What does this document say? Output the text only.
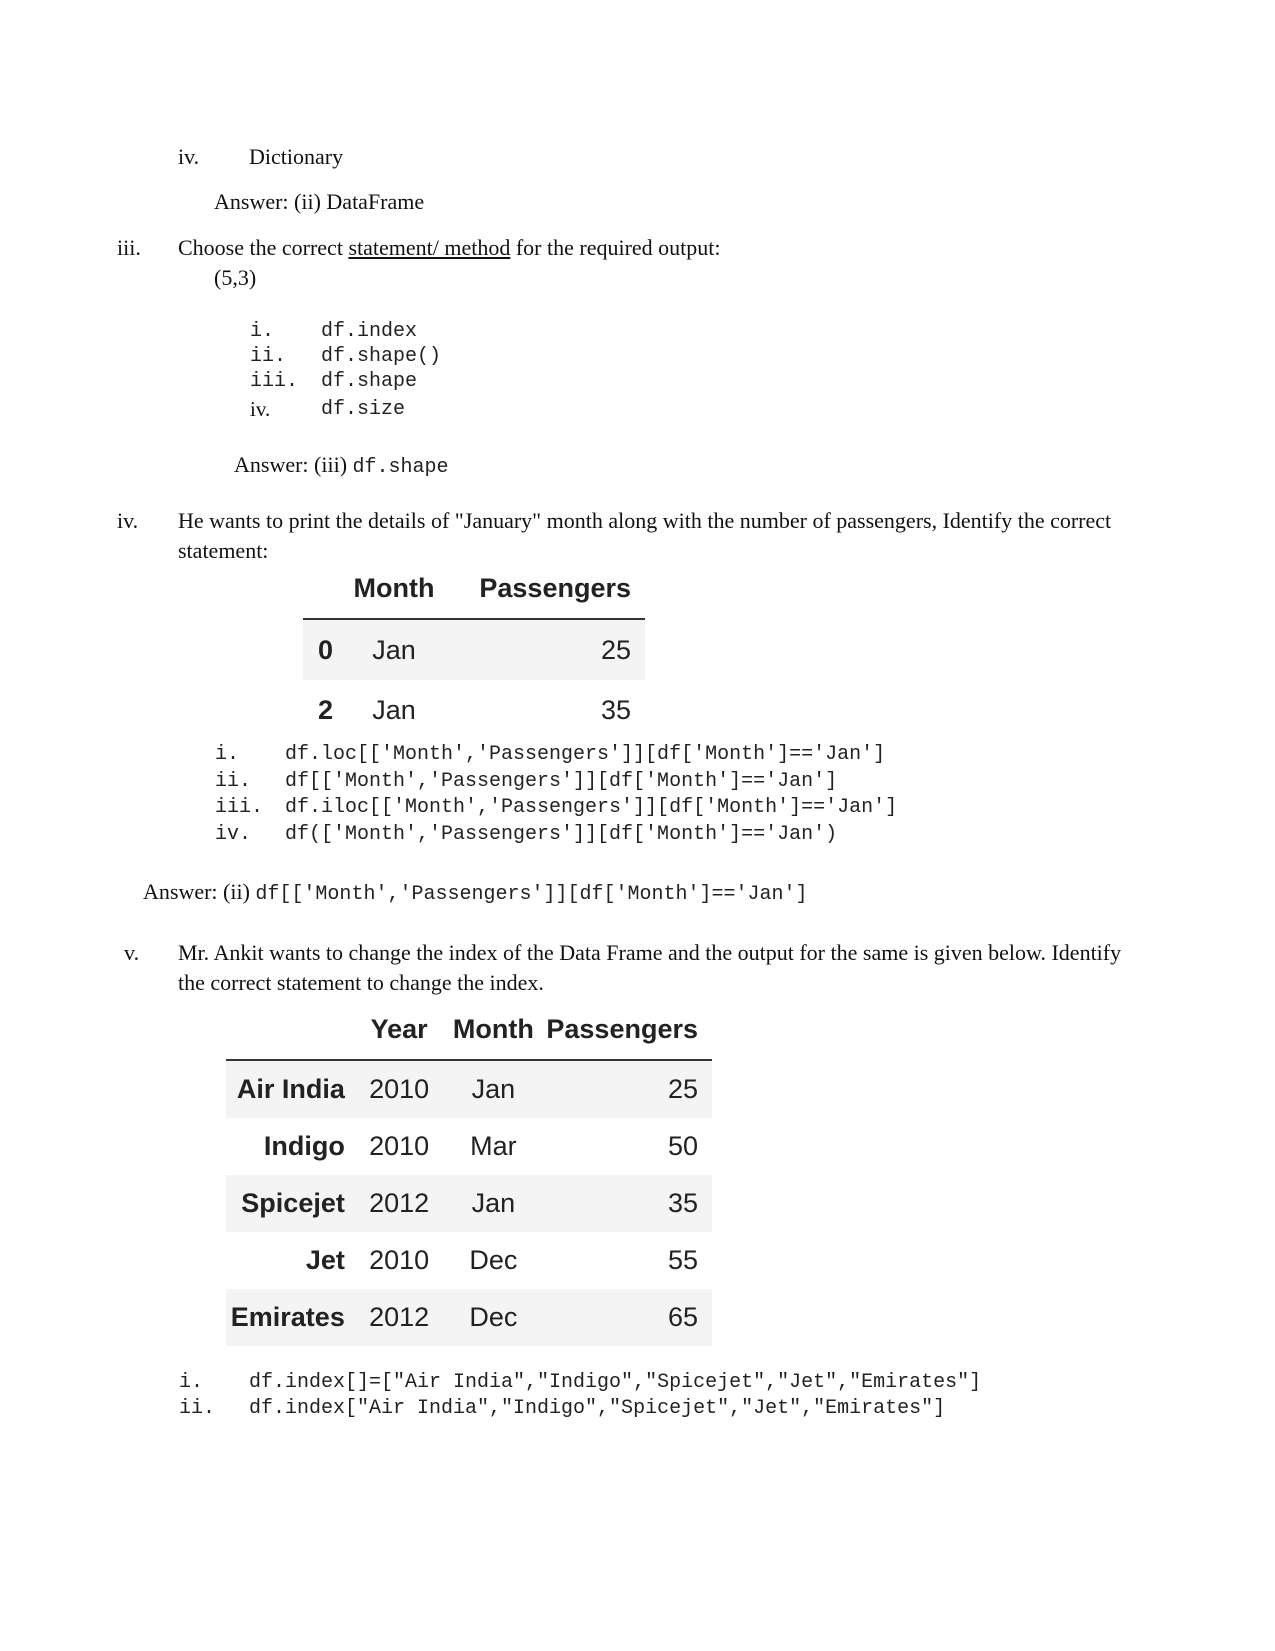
iv. Dictionary
Answer: (ii) DataFrame
iii. Choose the correct statement/ method for the required output:
(5,3)
i. df.index
ii. df.shape()
iii. df.shape
iv.	df.size
Answer: (iii) df.shape
iv. He wants to print the details of "January" month along with the number of passengers, Identify the correct
statement:
	Month	Passengers
0	Jan	25
2	Jan	35
i. df.loc[['Month','Passengers']][df['Month']=='Jan']
ii. df[['Month','Passengers']][df['Month']=='Jan']
iii. df.iloc[['Month','Passengers']][df['Month']=='Jan']
iv. df(['Month','Passengers']][df['Month']=='Jan')
Answer: (ii) df[['Month','Passengers']][df['Month']=='Jan']
v. Mr. Ankit wants to change the index of the Data Frame and the output for the same is given below. Identify
the correct statement to change the index.
	Year	Month	Passengers
Air India	2010	Jan	25
Indigo	2010	Mar	50
Spicejet	2012	Jan	35
Jet	2010	Dec	55
Emirates	2012	Dec	65
i. df.index[]=["Air India","Indigo","Spicejet","Jet","Emirates"]
ii. df.index["Air India","Indigo","Spicejet","Jet","Emirates"]
